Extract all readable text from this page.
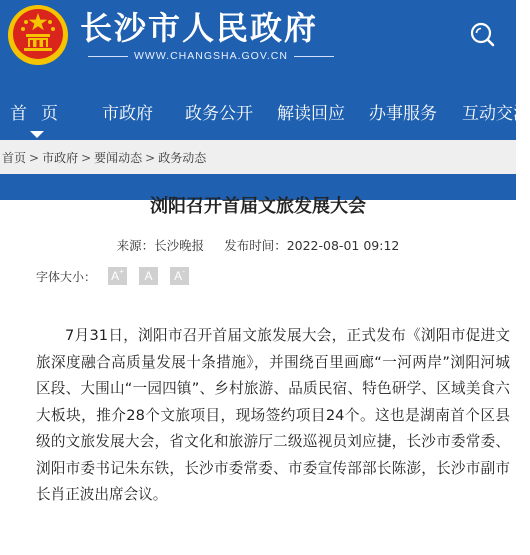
长沙市人民政府
WWW.CHANGSHA.GOV.CN
首页 市政府 政务公开 解读回应 办事服务 互动交流
首页 > 市政府 > 要闻动态 > 政务动态
浏阳召开首届文旅发展大会
来源：长沙晚报 发布时间：2022-08-01 09:12
字体大小： A+	A	A-

7月31日，浏阳市召开首届文旅发展大会，正式发布《浏阳市促进文旅深度融合高质量发展十条措施》，并围绕百里画廊“一河两岸”浏阳河城区段、大围山“一园四镇”、乡村旅游、品质民宿、特色研学、区域美食六大板块，推介28个文旅项目，现场签约项目24个。这也是湖南首个区县级的文旅发展大会，省文化和旅游厅二级巡视员刘应捷，长沙市委常委、浏阳市委书记朱东铁，长沙市委常委、市委宣传部部长陈澎，长沙市副市长肖正波出席会议。
